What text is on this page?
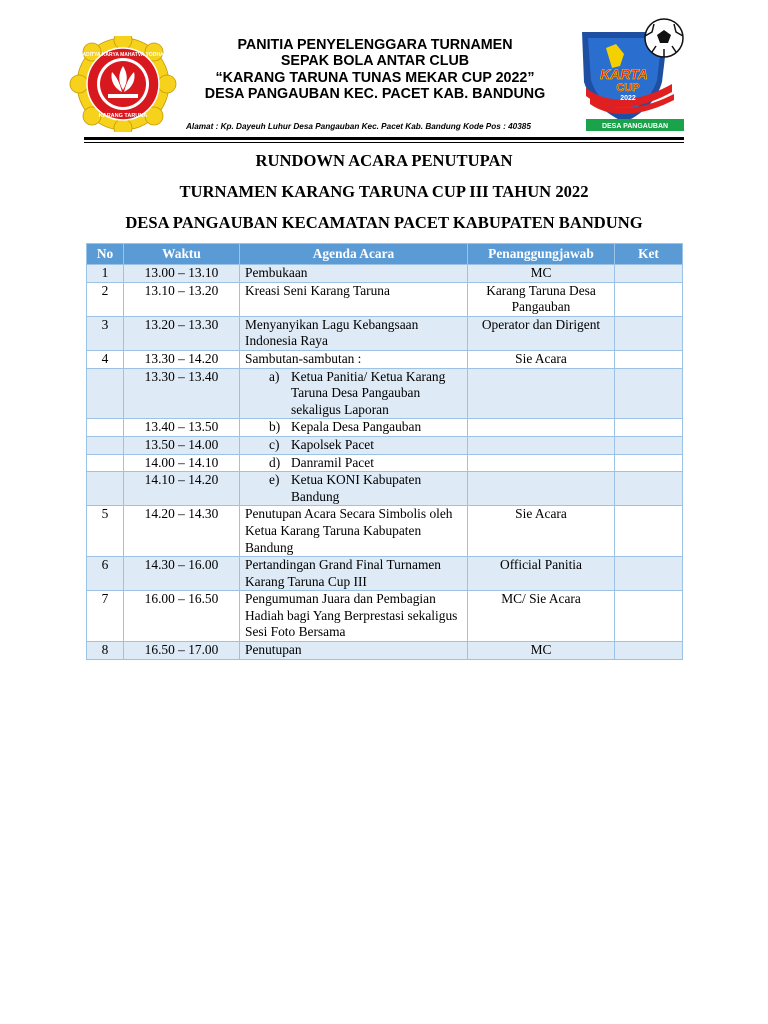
ADITYA KARYA MAHATVA YODHA
KARANG TARUNA
PANITIA PENYELENGGARA TURNAMEN
SEPAK BOLA ANTAR CLUB
“KARANG TARUNA TUNAS MEKAR CUP 2022”
DESA PANGAUBAN KEC. PACET KAB. BANDUNG
KARTA
CUP
2022
DESA PANGAUBAN
Alamat : Kp. Dayeuh Luhur Desa Pangauban Kec. Pacet Kab. Bandung Kode Pos : 40385
RUNDOWN ACARA PENUTUPAN
TURNAMEN KARANG TARUNA CUP III TAHUN 2022
DESA PANGAUBAN KECAMATAN PACET KABUPATEN BANDUNG
No	Waktu	Agenda Acara	Penanggungjawab	Ket
1	13.00 – 13.10	Pembukaan	MC	
2	13.10 – 13.20	Kreasi Seni Karang Taruna	Karang Taruna Desa Pangauban	
3	13.20 – 13.30	Menyanyikan Lagu Kebangsaan Indonesia Raya	Operator dan Dirigent	
4	13.30 – 14.20	Sambutan-sambutan :	Sie Acara	
	13.30 – 13.40	a) Ketua Panitia/ Ketua Karang Taruna Desa Pangauban sekaligus Laporan		

	13.40 – 13.50	b) Kepala Desa Pangauban		

	13.50 – 14.00	c) Kapolsek Pacet		

	14.00 – 14.10	d) Danramil Pacet		

	14.10 – 14.20	e) Ketua KONI Kabupaten Bandung		

5	14.20 – 14.30	Penutupan Acara Secara Simbolis oleh Ketua Karang Taruna Kabupaten Bandung	Sie Acara	
6	14.30 – 16.00	Pertandingan Grand Final Turnamen Karang Taruna Cup III	Official Panitia	
7	16.00 – 16.50	Pengumuman Juara dan Pembagian Hadiah bagi Yang Berprestasi sekaligus Sesi Foto Bersama	MC/ Sie Acara	
8	16.50 – 17.00	Penutupan	MC	
